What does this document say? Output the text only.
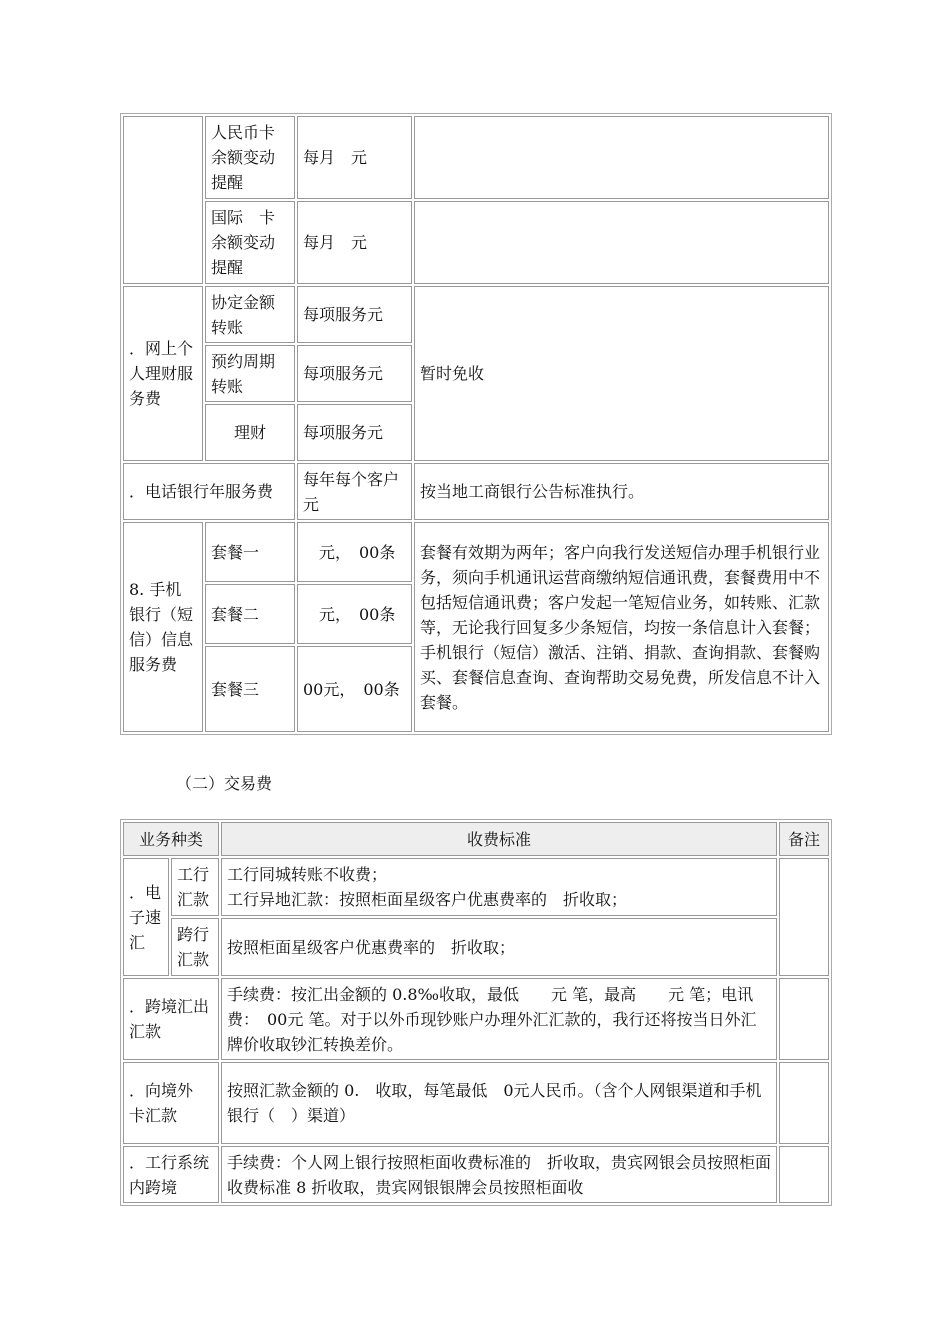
	人民币卡余额变动提醒	每月　元	
	国际　卡余额变动提醒	每月　元	
．网上个人理财服务费	协定金额转账	每项服务元	暂时免收
	预约周期转账	每项服务元	
	理财	每项服务元	
．电话银行年服务费		每年每个客户　　元	按当地工商银行公告标准执行。
8. 手机银行（短信）信息服务费	套餐一	　元，　00条	套餐有效期为两年；客户向我行发送短信办理手机银行业务，须向手机通讯运营商缴纳短信通讯费，套餐费用中不包括短信通讯费；客户发起一笔短信业务，如转账、汇款等，无论我行回复多少条短信，均按一条信息计入套餐；手机银行（短信）激活、注销、捐款、查询捐款、套餐购买、套餐信息查询、查询帮助交易免费，所发信息不计入套餐。
	套餐二	　元，　00条	
	套餐三	00元，　00条	
（二）交易费
业务种类		收费标准	备注
．电子速汇	工行汇款	工行同城转账不收费；
工行异地汇款：按照柜面星级客户优惠费率的　折收取；	

	跨行汇款	按照柜面星级客户优惠费率的　折收取；	
．跨境汇出汇款		手续费：按汇出金额的 0.8‰收取，最低　　元 笔，最高　　元 笔；电讯费：　00元 笔。对于以外币现钞账户办理外汇汇款的，我行还将按当日外汇牌价收取钞汇转换差价。	
．向境外　卡汇款		按照汇款金额的 0.　收取，每笔最低　0元人民币。（含个人网银渠道和手机银行（　）渠道）	
．工行系统内跨境		手续费：个人网上银行按照柜面收费标准的　折收取，贵宾网银会员按照柜面收费标准 8 折收取，贵宾网银银牌会员按照柜面收	
